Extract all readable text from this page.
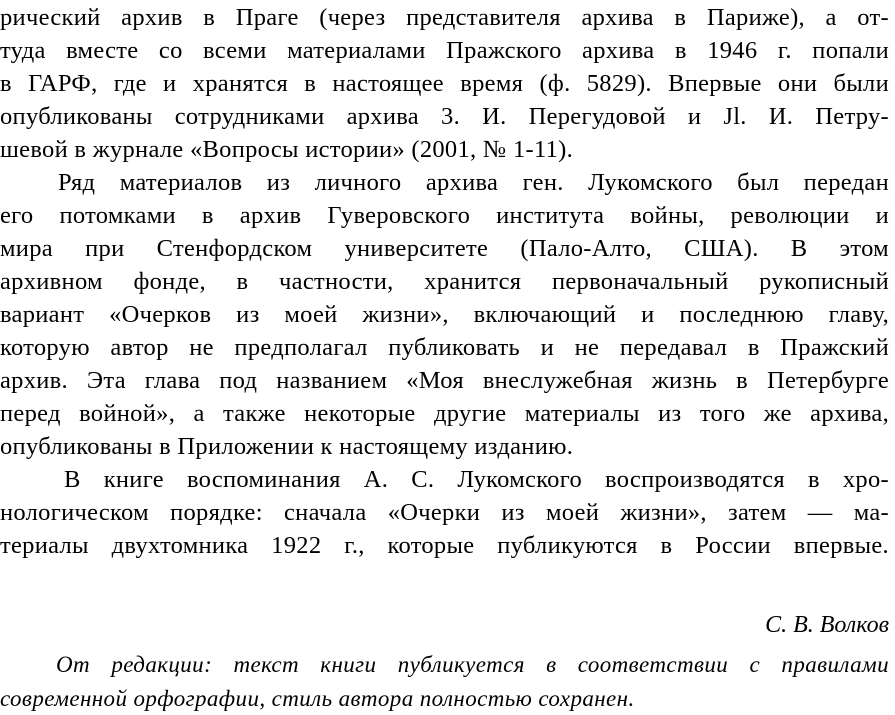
рический архив в Праге (через представителя архива в Париже), а от-
туда вместе со всеми материалами Пражского архива в 1946 г. попали
в ГАРФ, где и хранятся в настоящее время (ф. 5829). Впервые они были
опубликованы сотрудниками архива 3. И. Перегудовой и Jl. И. Петру-
шевой в журнале «Вопросы истории» (2001, № 1-11).
Ряд материалов из личного архива ген. Лукомского был передан
его потомками в архив Гуверовского института войны, революции и
мира при Стенфордском университете (Пало-Алто, США). В этом
архивном фонде, в частности, хранится первоначальный рукописный
вариант «Очерков из моей жизни», включающий и последнюю главу,
которую автор не предполагал публиковать и не передавал в Пражский
архив. Эта глава под названием «Моя внеслужебная жизнь в Петербурге
перед войной», а также некоторые другие материалы из того же архива,
опубликованы в Приложении к настоящему изданию.
В книге воспоминания А. С. Лукомского воспроизводятся в хро-
нологическом порядке: сначала «Очерки из моей жизни», затем — ма-
териалы двухтомника 1922 г., которые публикуются в России впервые.
С. В. Волков
От редакции: текст книги публикуется в соответствии с правилами
современной орфографии, стиль автора полностью сохранен.
